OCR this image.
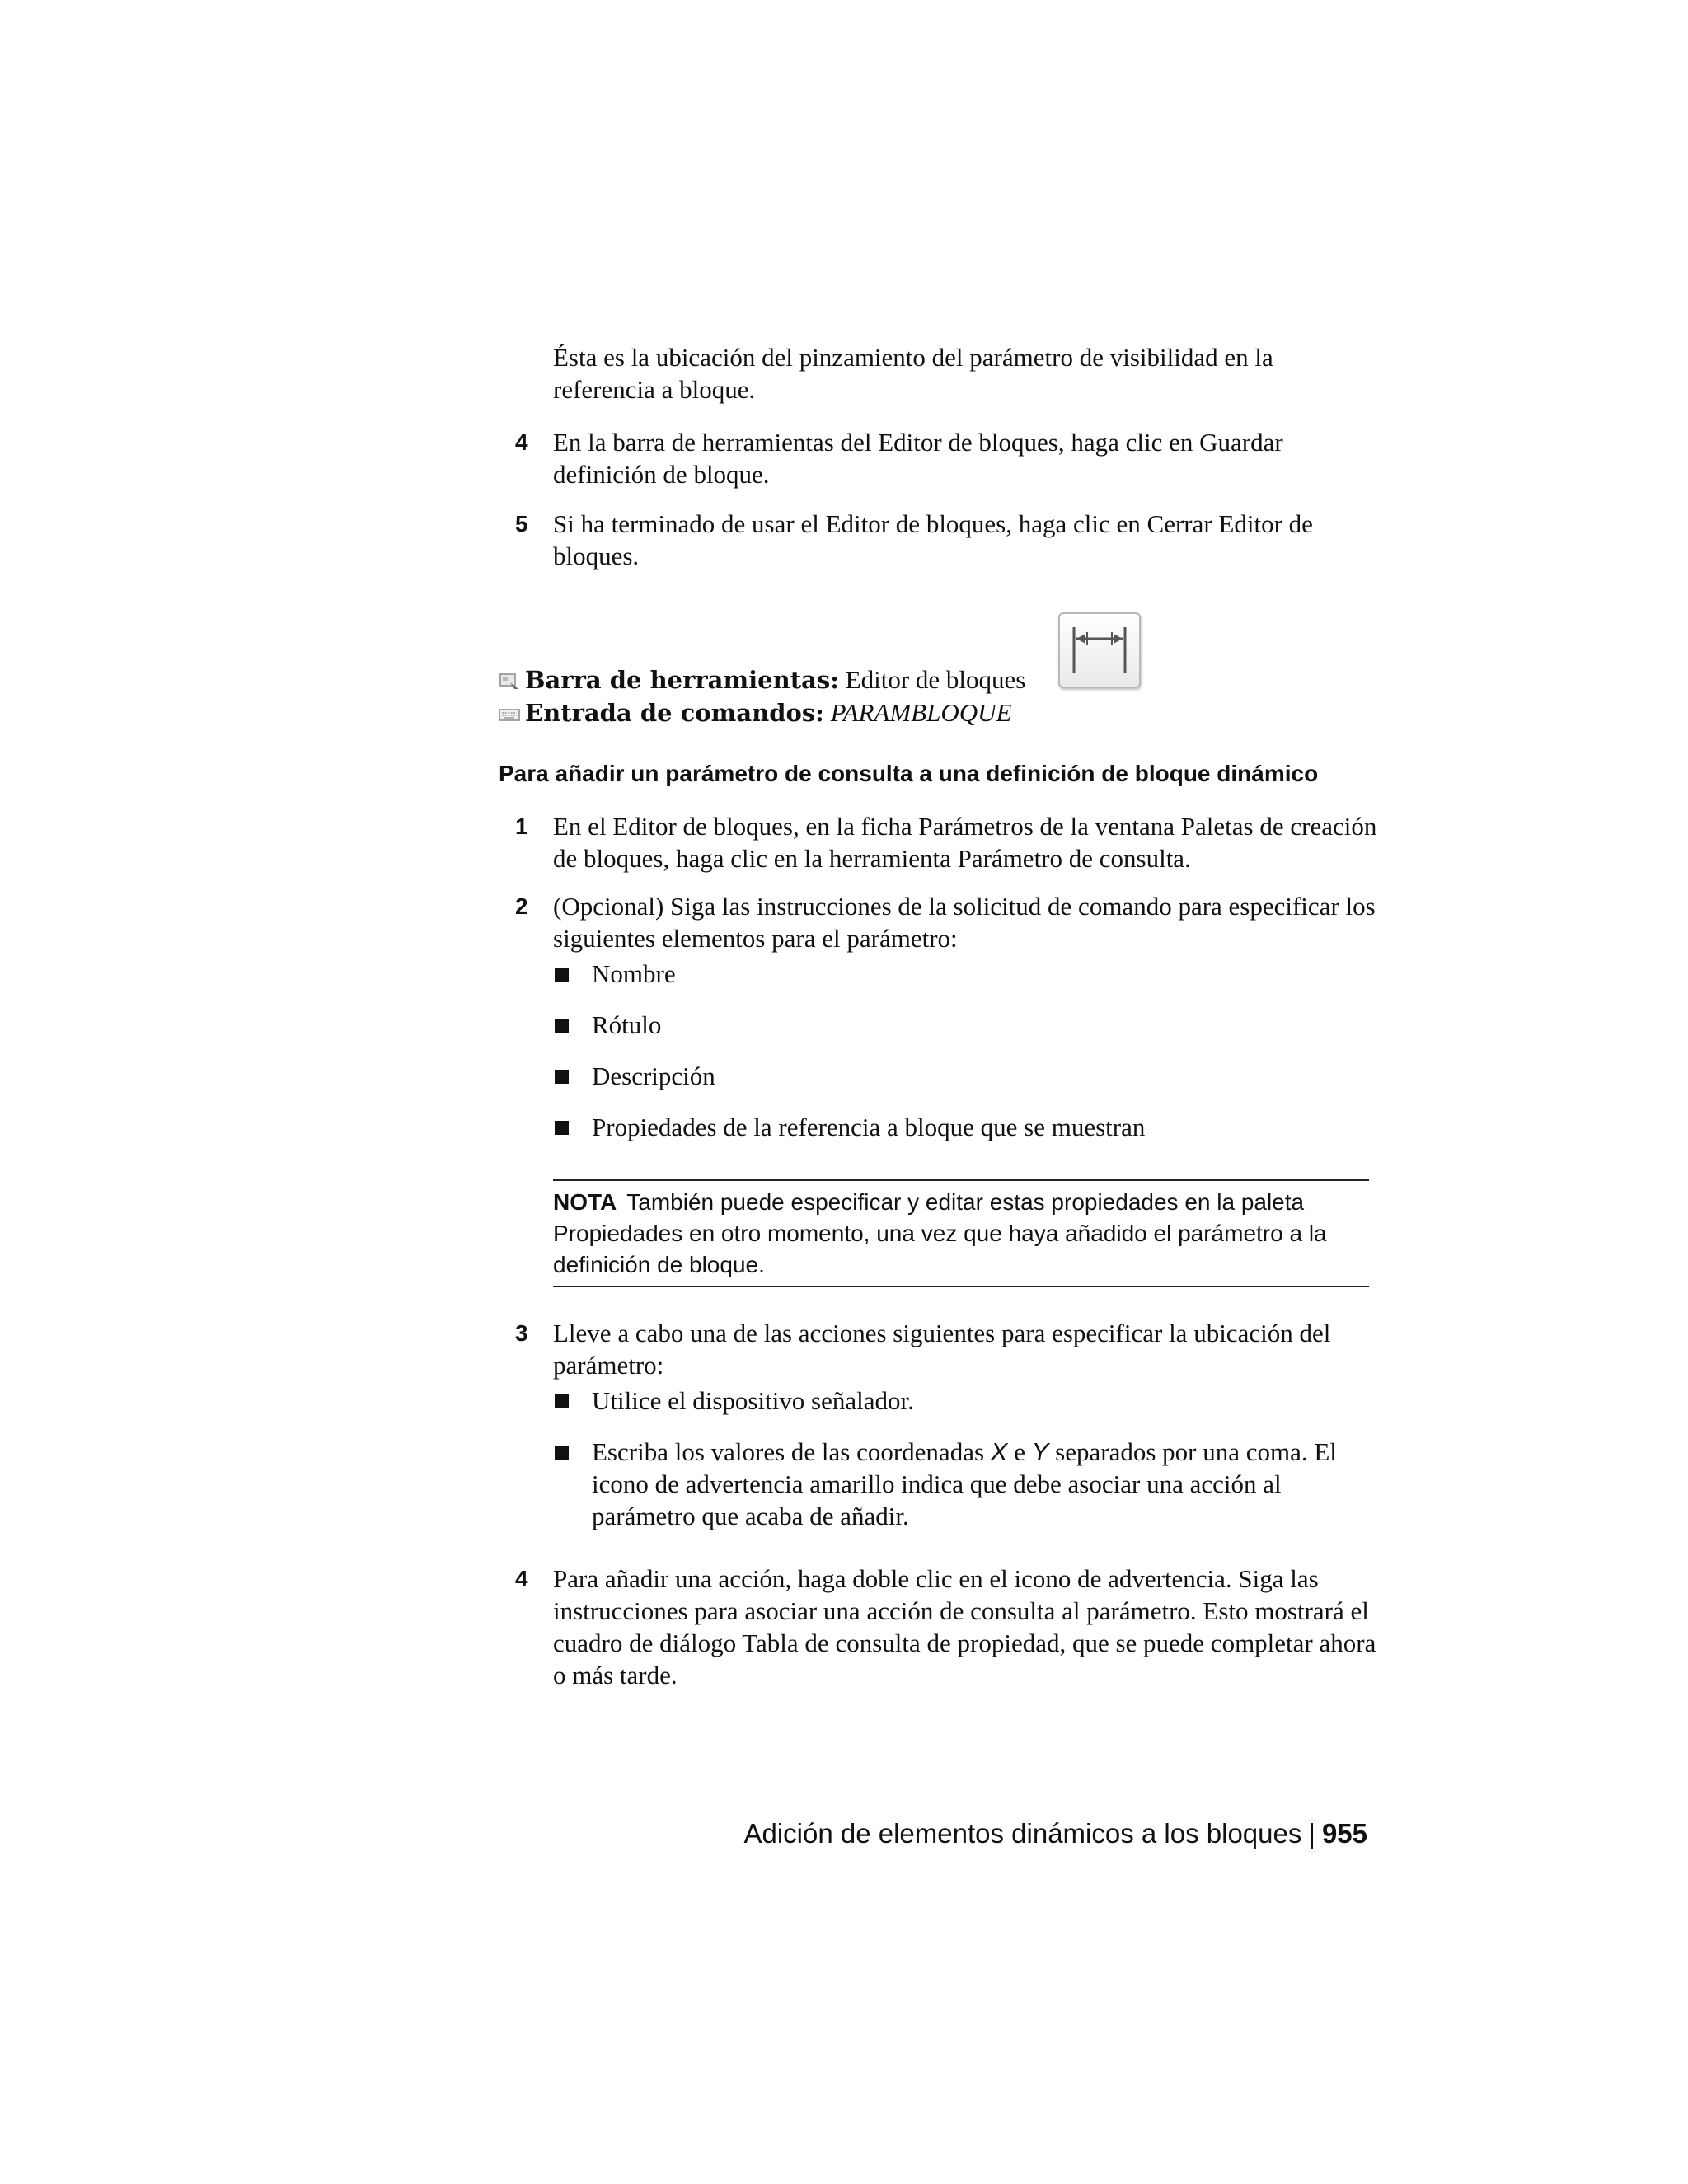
Ésta es la ubicación del pinzamiento del parámetro de visibilidad en la referencia a bloque.
4 En la barra de herramientas del Editor de bloques, haga clic en Guardar definición de bloque.
5 Si ha terminado de usar el Editor de bloques, haga clic en Cerrar Editor de bloques.
Barra de herramientas: Editor de bloques
Entrada de comandos: PARAMBLOQUE
Para añadir un parámetro de consulta a una definición de bloque dinámico
1 En el Editor de bloques, en la ficha Parámetros de la ventana Paletas de creación de bloques, haga clic en la herramienta Parámetro de consulta.
2 (Opcional) Siga las instrucciones de la solicitud de comando para especificar los siguientes elementos para el parámetro:
Nombre
Rótulo
Descripción
Propiedades de la referencia a bloque que se muestran
NOTA También puede especificar y editar estas propiedades en la paleta Propiedades en otro momento, una vez que haya añadido el parámetro a la definición de bloque.
3 Lleve a cabo una de las acciones siguientes para especificar la ubicación del parámetro:
Utilice el dispositivo señalador.
Escriba los valores de las coordenadas X e Y separados por una coma. El icono de advertencia amarillo indica que debe asociar una acción al parámetro que acaba de añadir.
4 Para añadir una acción, haga doble clic en el icono de advertencia. Siga las instrucciones para asociar una acción de consulta al parámetro. Esto mostrará el cuadro de diálogo Tabla de consulta de propiedad, que se puede completar ahora o más tarde.
Adición de elementos dinámicos a los bloques | 955
